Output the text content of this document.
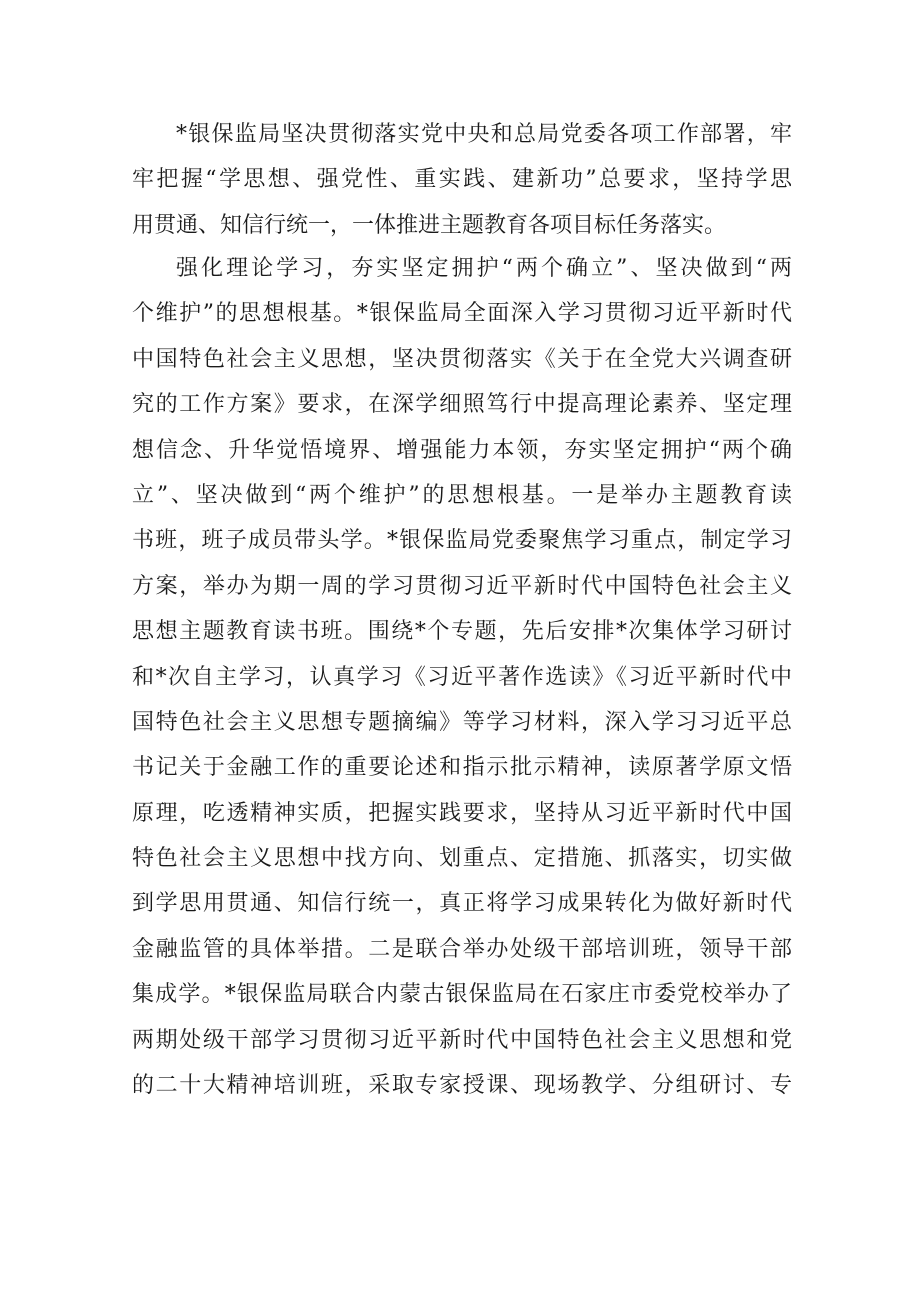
*银保监局坚决贯彻落实党中央和总局党委各项工作部署，牢
牢把握“学思想、强党性、重实践、建新功”总要求，坚持学思
用贯通、知信行统一，一体推进主题教育各项目标任务落实。
强化理论学习，夯实坚定拥护“两个确立”、坚决做到“两
个维护”的思想根基。*银保监局全面深入学习贯彻习近平新时代
中国特色社会主义思想，坚决贯彻落实《关于在全党大兴调查研
究的工作方案》要求，在深学细照笃行中提高理论素养、坚定理
想信念、升华觉悟境界、增强能力本领，夯实坚定拥护“两个确
立”、坚决做到“两个维护”的思想根基。一是举办主题教育读
书班，班子成员带头学。*银保监局党委聚焦学习重点，制定学习
方案，举办为期一周的学习贯彻习近平新时代中国特色社会主义
思想主题教育读书班。围绕*个专题，先后安排*次集体学习研讨
和*次自主学习，认真学习《习近平著作选读》《习近平新时代中
国特色社会主义思想专题摘编》等学习材料，深入学习习近平总
书记关于金融工作的重要论述和指示批示精神，读原著学原文悟
原理，吃透精神实质，把握实践要求，坚持从习近平新时代中国
特色社会主义思想中找方向、划重点、定措施、抓落实，切实做
到学思用贯通、知信行统一，真正将学习成果转化为做好新时代
金融监管的具体举措。二是联合举办处级干部培训班，领导干部
集成学。*银保监局联合内蒙古银保监局在石家庄市委党校举办了
两期处级干部学习贯彻习近平新时代中国特色社会主义思想和党
的二十大精神培训班，采取专家授课、现场教学、分组研讨、专
